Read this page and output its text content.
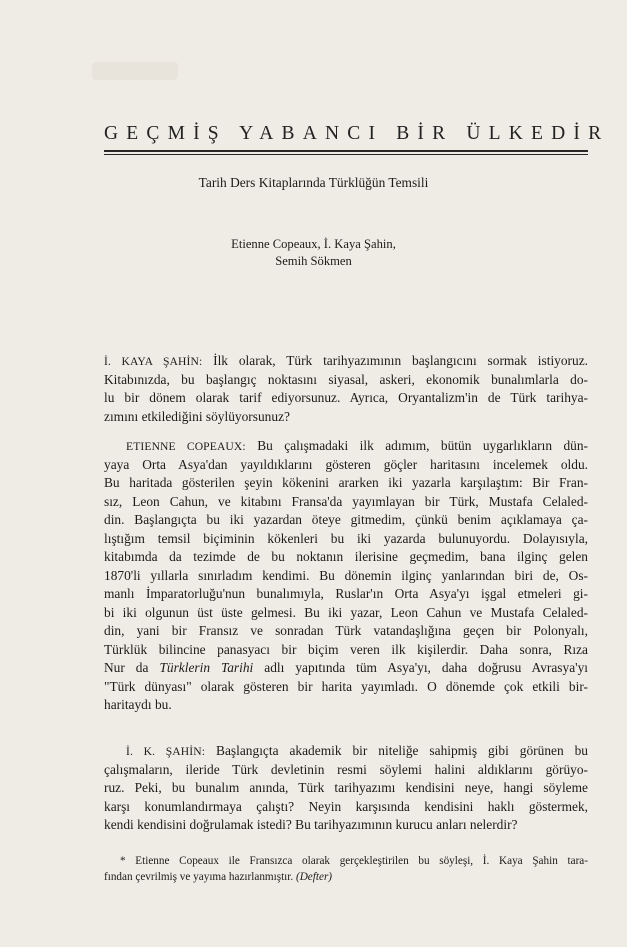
GEÇMİŞ YABANCI BİR ÜLKEDİR
Tarih Ders Kitaplarında Türklüğün Temsili
Etienne Copeaux, İ. Kaya Şahin,
Semih Sökmen
İ. KAYA ŞAHİN: İlk olarak, Türk tarihyazımının başlangıcını sormak istiyoruz.
Kitabınızda, bu başlangıç noktasını siyasal, askeri, ekonomik bunalımlarla do-
lu bir dönem olarak tarif ediyorsunuz. Ayrıca, Oryantalizm'in de Türk tarihya-
zımını etkilediğini söylüyorsunuz?
ETIENNE COPEAUX: Bu çalışmadaki ilk adımım, bütün uygarlıkların dün-
yaya Orta Asya'dan yayıldıklarını gösteren göçler haritasını incelemek oldu.
Bu haritada gösterilen şeyin kökenini ararken iki yazarla karşılaştım: Bir Fran-
sız, Leon Cahun, ve kitabını Fransa'da yayımlayan bir Türk, Mustafa Celaled-
din. Başlangıçta bu iki yazardan öteye gitmedim, çünkü benim açıklamaya ça-
lıştığım temsil biçiminin kökenleri bu iki yazarda bulunuyordu. Dolayısıyla,
kitabımda da tezimde de bu noktanın ilerisine geçmedim, bana ilginç gelen
1870'li yıllarla sınırladım kendimi. Bu dönemin ilginç yanlarından biri de, Os-
manlı İmparatorluğu'nun bunalımıyla, Ruslar'ın Orta Asya'yı işgal etmeleri gi-
bi iki olgunun üst üste gelmesi. Bu iki yazar, Leon Cahun ve Mustafa Celaled-
din, yani bir Fransız ve sonradan Türk vatandaşlığına geçen bir Polonyalı,
Türklük bilincine panasyacı bir biçim veren ilk kişilerdir. Daha sonra, Rıza
Nur da Türklerin Tarihi adlı yapıtında tüm Asya'yı, daha doğrusu Avrasya'yı
"Türk dünyası" olarak gösteren bir harita yayımladı. O dönemde çok etkili bir-
haritaydı bu.
İ. K. ŞAHİN: Başlangıçta akademik bir niteliğe sahipmiş gibi görünen bu
çalışmaların, ileride Türk devletinin resmi söylemi halini aldıklarını görüyo-
ruz. Peki, bu bunalım anında, Türk tarihyazımı kendisini neye, hangi söyleme
karşı konumlandırmaya çalıştı? Neyin karşısında kendisini haklı göstermek,
kendi kendisini doğrulamak istedi? Bu tarihyazımının kurucu anları nelerdir?
* Etienne Copeaux ile Fransızca olarak gerçekleştirilen bu söyleşi, İ. Kaya Şahin tara-
fından çevrilmiş ve yayıma hazırlanmıştır. (Defter)
